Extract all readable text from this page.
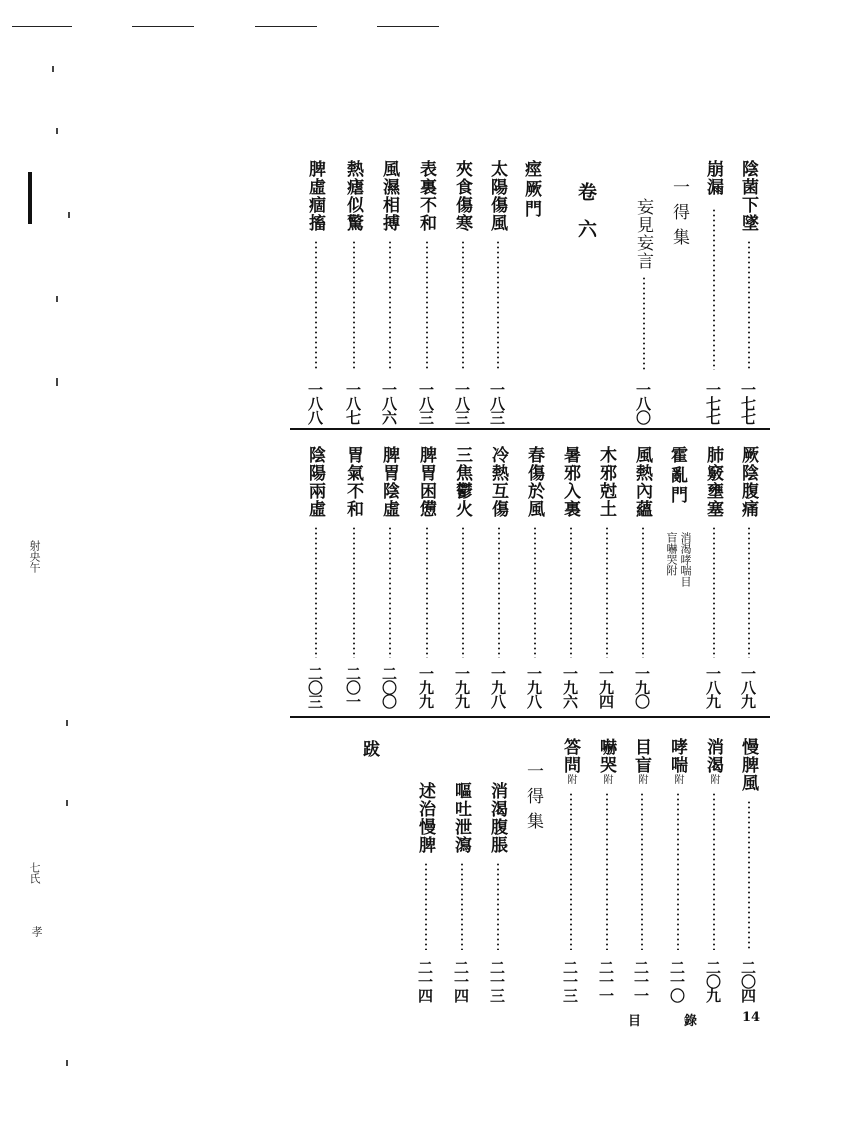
射央午
七氏
孝
陰菌下墜
一七七
崩漏
一七七
一得集
妄見妄言
一八〇
卷六
痙厥門
太陽傷風
一八三
夾食傷寒
一八三
表裏不和
一八三
風濕相搏
一八六
熱瘧似驚
一八七
脾虛痼搐
一八八
厥陰腹痛
一八九
肺竅壅塞
一八九
霍亂門
消渴哮喘目
盲嚇哭附
風熱內蘊
一九〇
木邪尅土
一九四
暑邪入裏
一九六
春傷於風
一九八
冷熱互傷
一九八
三焦鬱火
一九九
脾胃困憊
一九九
脾胃陰虛
二〇〇
胃氣不和
二〇一
陰陽兩虛
二〇三
慢脾風
二〇四
消渴附
二〇九
哮喘附
二一〇
目盲附
二一一
嚇哭附
二一一
答問附
二一三
一得集
消渴腹脹
二一三
嘔吐泄瀉
二一四
述治慢脾
二一四
跋
目	錄	14
